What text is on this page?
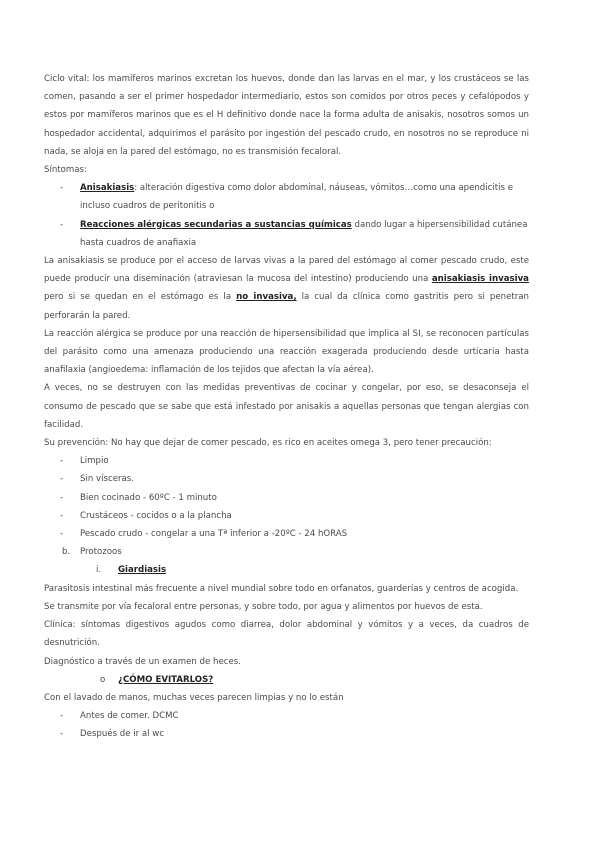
Ciclo vital: los mamíferos marinos excretan los huevos, donde dan las larvas en el mar, y los crustáceos se las comen, pasando a ser el primer hospedador intermediario, estos son comidos por otros peces y cefalópodos y estos por mamíferos marinos que es el H definitivo donde nace la forma adulta de anisakis, nosotros somos un hospedador accidental, adquirimos el parásito por ingestión del pescado crudo, en nosotros no se reproduce ni nada, se aloja en la pared del estómago, no es transmisión fecaloral.

Síntomas:

-	Anisakiasis: alteración digestiva como dolor abdominal, náuseas, vómitos…como una apendicitis e incluso cuadros de peritonitis o
-	Reacciones alérgicas secundarias a sustancias químicas dando lugar a hipersensibilidad cutánea hasta cuadros de anafiaxia

La anisakiasis se produce por el acceso de larvas vivas a la pared del estómago al comer pescado crudo, este puede producir una diseminación (atraviesan la mucosa del intestino) produciendo una anisakiasis invasiva pero si se quedan en el estómago es la no invasiva, la cual da clínica como gastritis pero si penetran perforarán la pared.

La reacción alérgica se produce por una reacción de hipersensibilidad que implica al SI, se reconocen partículas del parásito como una amenaza produciendo una reacción exagerada produciendo desde urticaria hasta anafilaxia (angioedema: inflamación de los tejidos que afectan la vía aérea).

A veces, no se destruyen con las medidas preventivas de cocinar y congelar, por eso, se desaconseja el consumo de pescado que se sabe que está infestado por anisakis a aquellas personas que tengan alergias con facilidad.

Su prevención: No hay que dejar de comer pescado, es rico en aceites omega 3, pero tener precaución:

-	Limpio
-	Sin vísceras.
-	Bien cocinado - 60ºC - 1 minuto
-	Crustáceos - cocidos o a la plancha
-	Pescado crudo - congelar a una Tª inferior a -20ºC - 24 hORAS
b. Protozoos
i. Giardiasis

Parasitosis intestinal más frecuente a nivel mundial sobre todo en orfanatos, guarderías y centros de acogida.

Se transmite por vía fecaloral entre personas, y sobre todo, por agua y alimentos por huevos de esta.

Clínica: síntomas digestivos agudos como diarrea, dolor abdominal y vómitos y a veces, da cuadros de desnutrición.

Diagnóstico a través de un examen de heces.

o ¿CÓMO EVITARLOS?

Con el lavado de manos, muchas veces parecen limpias y no lo están

-	Antes de comer. DCMC
-	Después de ir al wc
